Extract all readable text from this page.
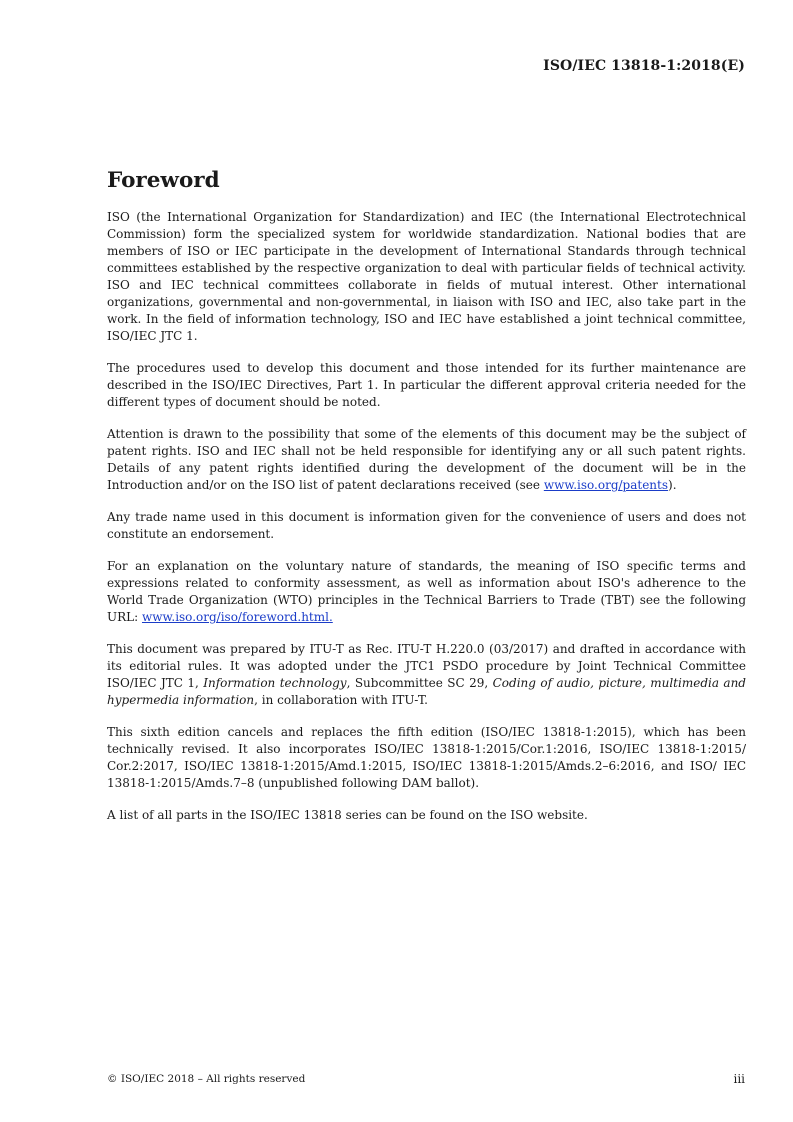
ISO/IEC 13818-1:2018(E)
Foreword

ISO (the International Organization for Standardization) and IEC (the International Electrotechnical Commission) form the specialized system for worldwide standardization. National bodies that are members of ISO or IEC participate in the development of International Standards through technical committees established by the respective organization to deal with particular fields of technical activity. ISO and IEC technical committees collaborate in fields of mutual interest. Other international organizations, governmental and non-governmental, in liaison with ISO and IEC, also take part in the work. In the field of information technology, ISO and IEC have established a joint technical committee, ISO/IEC JTC 1.

The procedures used to develop this document and those intended for its further maintenance are described in the ISO/IEC Directives, Part 1. In particular the different approval criteria needed for the different types of document should be noted.

Attention is drawn to the possibility that some of the elements of this document may be the subject of patent rights. ISO and IEC shall not be held responsible for identifying any or all such patent rights. Details of any patent rights identified during the development of the document will be in the Introduction and/or on the ISO list of patent declarations received (see www.iso.org/patents).

Any trade name used in this document is information given for the convenience of users and does not constitute an endorsement.

For an explanation on the voluntary nature of standards, the meaning of ISO specific terms and expressions related to conformity assessment, as well as information about ISO's adherence to the World Trade Organization (WTO) principles in the Technical Barriers to Trade (TBT) see the following URL: www.iso.org/iso/foreword.html.

This document was prepared by ITU-T as Rec. ITU-T H.220.0 (03/2017) and drafted in accordance with its editorial rules. It was adopted under the JTC1 PSDO procedure by Joint Technical Committee ISO/IEC JTC 1, Information technology, Subcommittee SC 29, Coding of audio, picture, multimedia and hypermedia information, in collaboration with ITU-T.

This sixth edition cancels and replaces the fifth edition (ISO/IEC 13818-1:2015), which has been technically revised. It also incorporates ISO/IEC 13818-1:2015/Cor.1:2016, ISO/IEC 13818-1:2015/ Cor.2:2017, ISO/IEC 13818-1:2015/Amd.1:2015, ISO/IEC 13818-1:2015/Amds.2–6:2016, and ISO/ IEC 13818-1:2015/Amds.7–8 (unpublished following DAM ballot).

A list of all parts in the ISO/IEC 13818 series can be found on the ISO website.

© ISO/IEC 2018 – All rights reserved	iii
